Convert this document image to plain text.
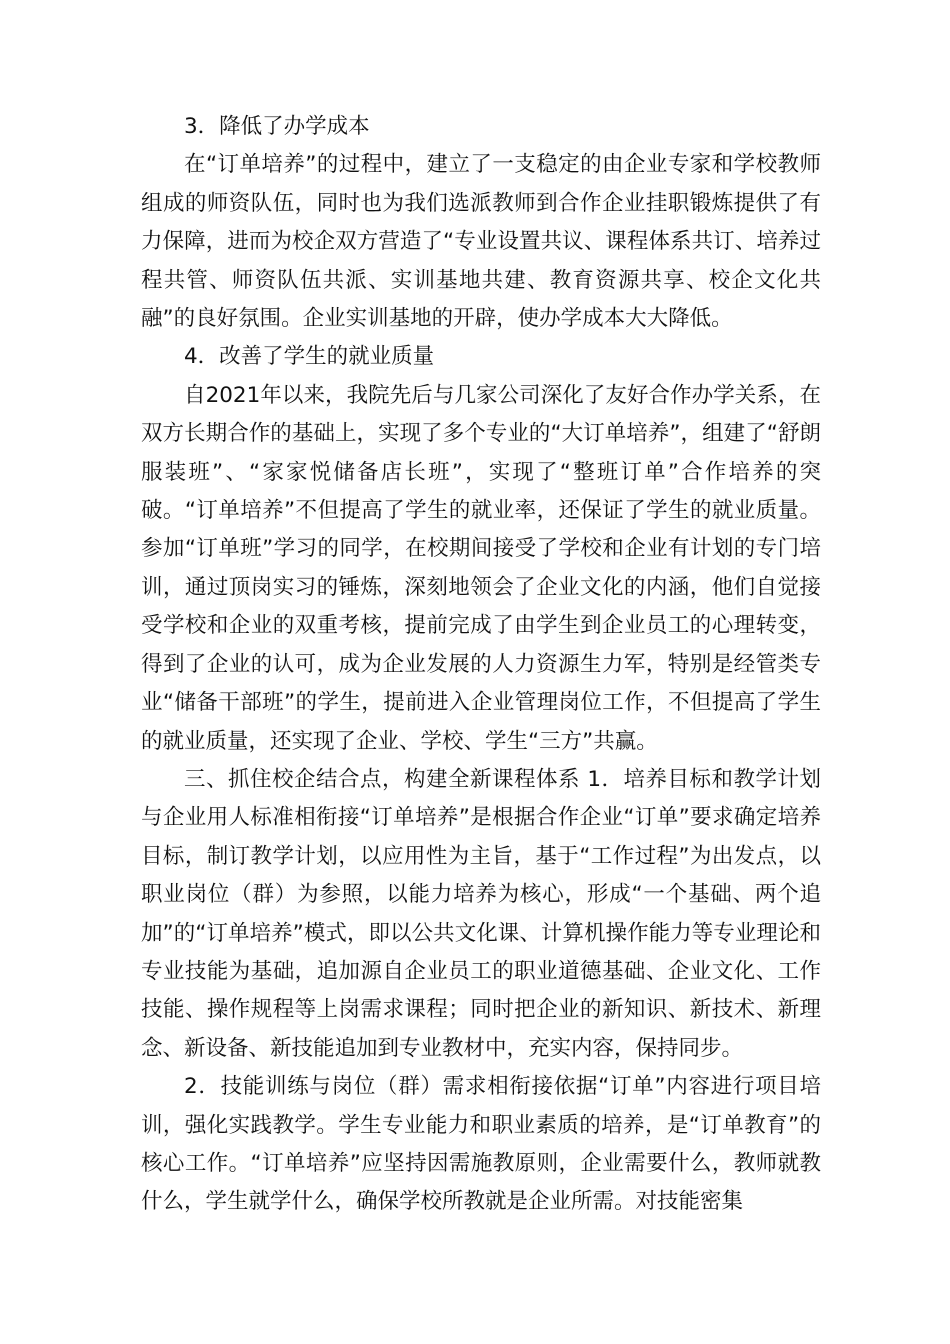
3．降低了办学成本

在“订单培养”的过程中，建立了一支稳定的由企业专家和学校教师组成的师资队伍，同时也为我们选派教师到合作企业挂职锻炼提供了有力保障，进而为校企双方营造了“专业设置共议、课程体系共订、培养过程共管、师资队伍共派、实训基地共建、教育资源共享、校企文化共融”的良好氛围。企业实训基地的开辟，使办学成本大大降低。

4．改善了学生的就业质量

自2021年以来，我院先后与几家公司深化了友好合作办学关系，在双方长期合作的基础上，实现了多个专业的“大订单培养”，组建了“舒朗服装班”、“家家悦储备店长班”，实现了“整班订单”合作培养的突破。“订单培养”不但提高了学生的就业率，还保证了学生的就业质量。参加“订单班”学习的同学，在校期间接受了学校和企业有计划的专门培训，通过顶岗实习的锤炼，深刻地领会了企业文化的内涵，他们自觉接受学校和企业的双重考核，提前完成了由学生到企业员工的心理转变，得到了企业的认可，成为企业发展的人力资源生力军，特别是经管类专业“储备干部班”的学生，提前进入企业管理岗位工作，不但提高了学生的就业质量，还实现了企业、学校、学生“三方”共赢。

三、抓住校企结合点，构建全新课程体系 1．培养目标和教学计划与企业用人标准相衔接“订单培养”是根据合作企业“订单”要求确定培养目标，制订教学计划，以应用性为主旨，基于“工作过程”为出发点，以职业岗位（群）为参照，以能力培养为核心，形成“一个基础、两个追加”的“订单培养”模式，即以公共文化课、计算机操作能力等专业理论和专业技能为基础，追加源自企业员工的职业道德基础、企业文化、工作技能、操作规程等上岗需求课程；同时把企业的新知识、新技术、新理念、新设备、新技能追加到专业教材中，充实内容，保持同步。

2．技能训练与岗位（群）需求相衔接依据“订单”内容进行项目培训，强化实践教学。学生专业能力和职业素质的培养，是“订单教育”的核心工作。“订单培养”应坚持因需施教原则，企业需要什么，教师就教什么，学生就学什么，确保学校所教就是企业所需。对技能密集
